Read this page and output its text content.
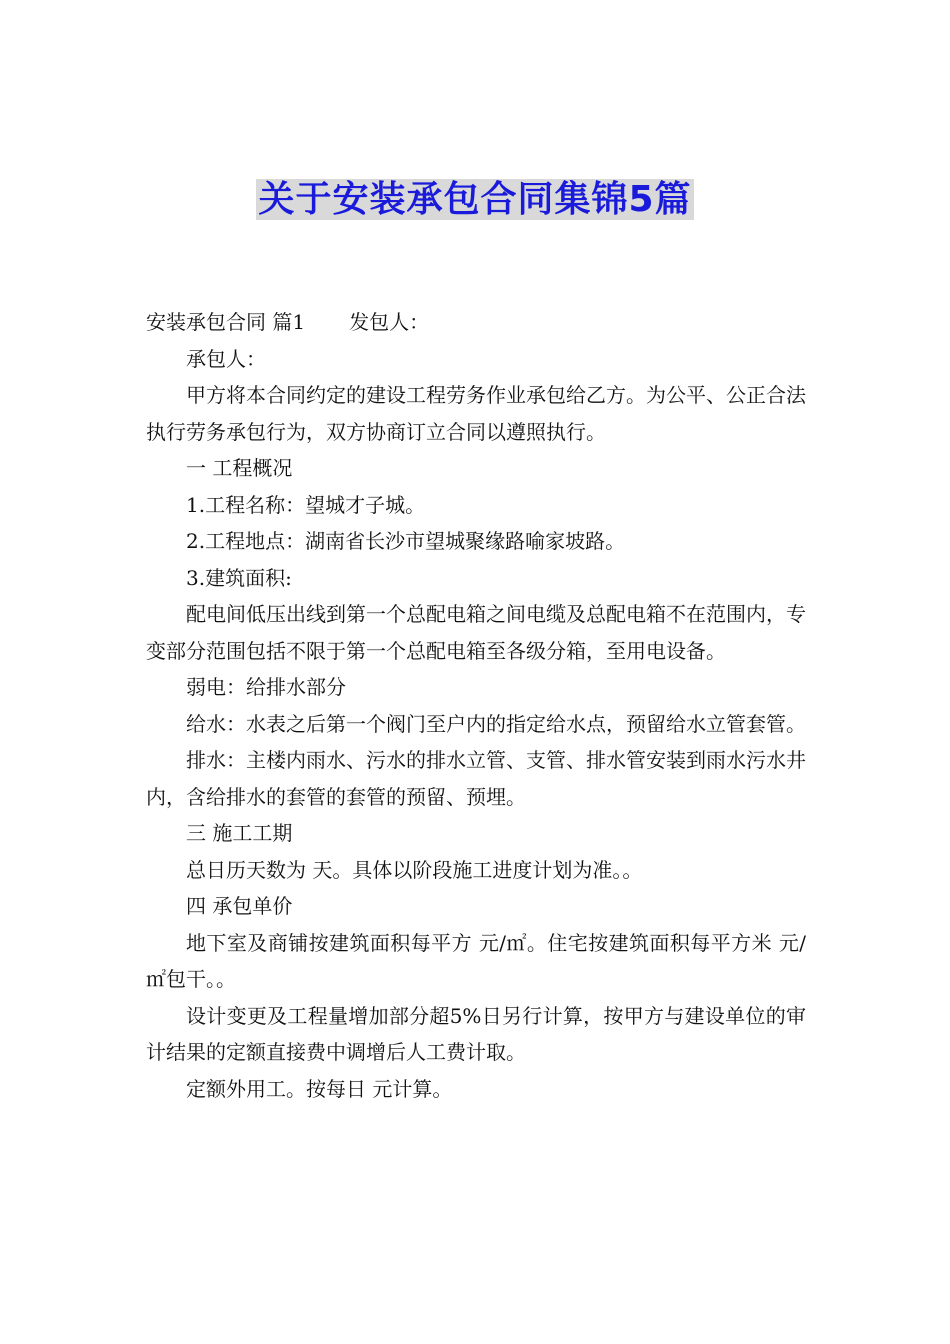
关于安装承包合同集锦5篇

安装承包合同 篇1 发包人：

承包人：

甲方将本合同约定的建设工程劳务作业承包给乙方。为公平、公正合法执行劳务承包行为，双方协商订立合同以遵照执行。

一 工程概况

1.工程名称：望城才子城。

2.工程地点：湖南省长沙市望城聚缘路喻家坡路。

3.建筑面积:

配电间低压出线到第一个总配电箱之间电缆及总配电箱不在范围内，专变部分范围包括不限于第一个总配电箱至各级分箱，至用电设备。

弱电：给排水部分

给水：水表之后第一个阀门至户内的指定给水点，预留给水立管套管。

排水：主楼内雨水、污水的排水立管、支管、排水管安装到雨水污水井内，含给排水的套管的套管的预留、预埋。

三 施工工期

总日历天数为 天。具体以阶段施工进度计划为准。。

四 承包单价

地下室及商铺按建筑面积每平方 元/㎡。住宅按建筑面积每平方米 元/㎡包干。。

设计变更及工程量增加部分超5%日另行计算，按甲方与建设单位的审计结果的定额直接费中调增后人工费计取。

定额外用工。按每日 元计算。
